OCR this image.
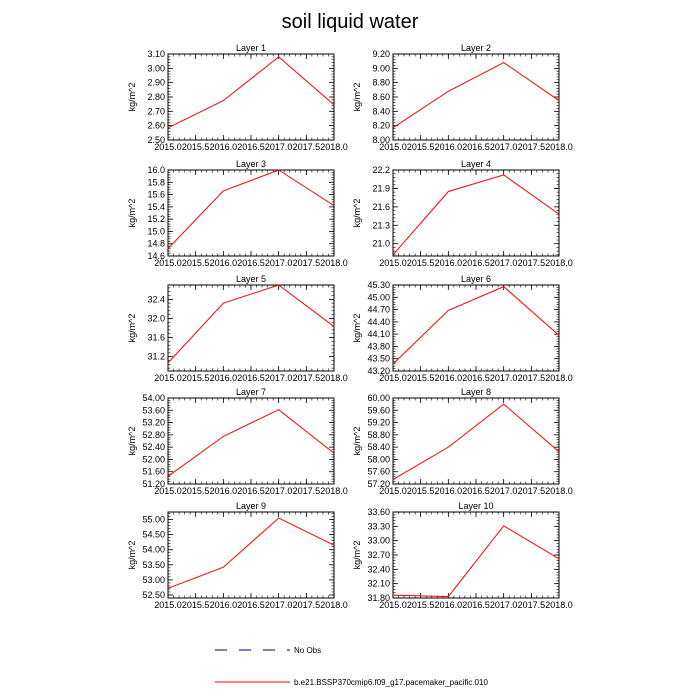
soil liquid water
Layer 1
2015.0 2015.5 2016.0 2016.5 2017.0 2017.5 2018.0
2.50
2.60
2.70
2.80
2.90
3.00
3.10
kg/m^2
Layer 2
2015.0 2015.5 2016.0 2016.5 2017.0 2017.5 2018.0
8.00
8.20
8.40
8.60
8.80
9.00
9.20
kg/m^2
Layer 3
2015.0 2015.5 2016.0 2016.5 2017.0 2017.5 2018.0
14.6
14.8
15.0
15.2
15.4
15.6
15.8
16.0
kg/m^2
Layer 4
2015.0 2015.5 2016.0 2016.5 2017.0 2017.5 2018.0
21.0
21.3
21.6
21.9
22.2
kg/m^2
Layer 5
2015.0 2015.5 2016.0 2016.5 2017.0 2017.5 2018.0
31.2
31.6
32.0
32.4
kg/m^2
Layer 6
2015.0 2015.5 2016.0 2016.5 2017.0 2017.5 2018.0
43.20
43.50
43.80
44.10
44.40
44.70
45.00
45.30
kg/m^2
Layer 7
2015.0 2015.5 2016.0 2016.5 2017.0 2017.5 2018.0
51.20
51.60
52.00
52.40
52.80
53.20
53.60
54.00
kg/m^2
Layer 8
2015.0 2015.5 2016.0 2016.5 2017.0 2017.5 2018.0
57.20
57.60
58.00
58.40
58.80
59.20
59.60
60.00
kg/m^2
Layer 9
2015.0 2015.5 2016.0 2016.5 2017.0 2017.5 2018.0
52.50
53.00
53.50
54.00
54.50
55.00
kg/m^2
Layer 10
2015.0 2015.5 2016.0 2016.5 2017.0 2017.5 2018.0
31.80
32.10
32.40
32.70
33.00
33.30
33.60
kg/m^2
No Obs
b.e21.BSSP370cmip6.f09_g17.pacemaker_pacific.010
